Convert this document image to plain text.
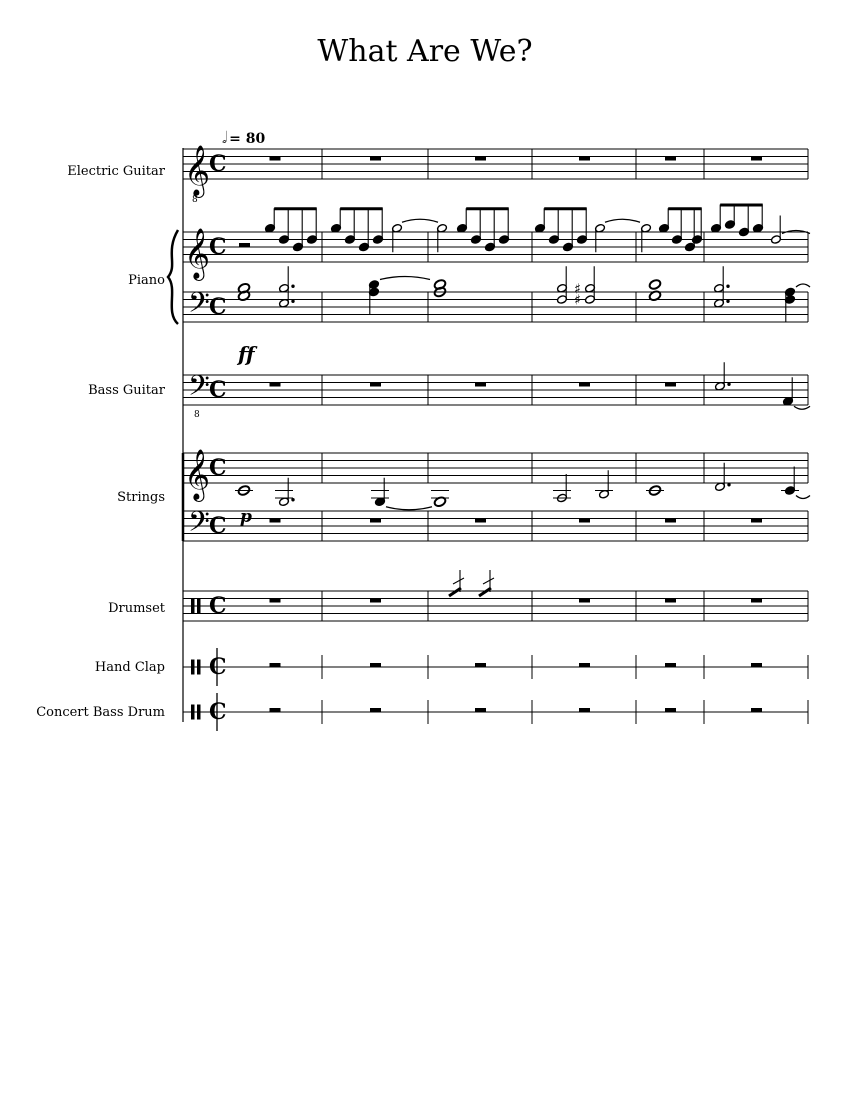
What Are We?
𝅗𝅥 = 80
Electric Guitar
Piano
Bass Guitar
Strings
Drumset
Hand Clap
Concert Bass Drum
ff
p
𝄞
8
C
𝄞
𝄢
C
C	♯
♯
𝄢
8
C
𝄞
C
𝄢 C
C
C
C
